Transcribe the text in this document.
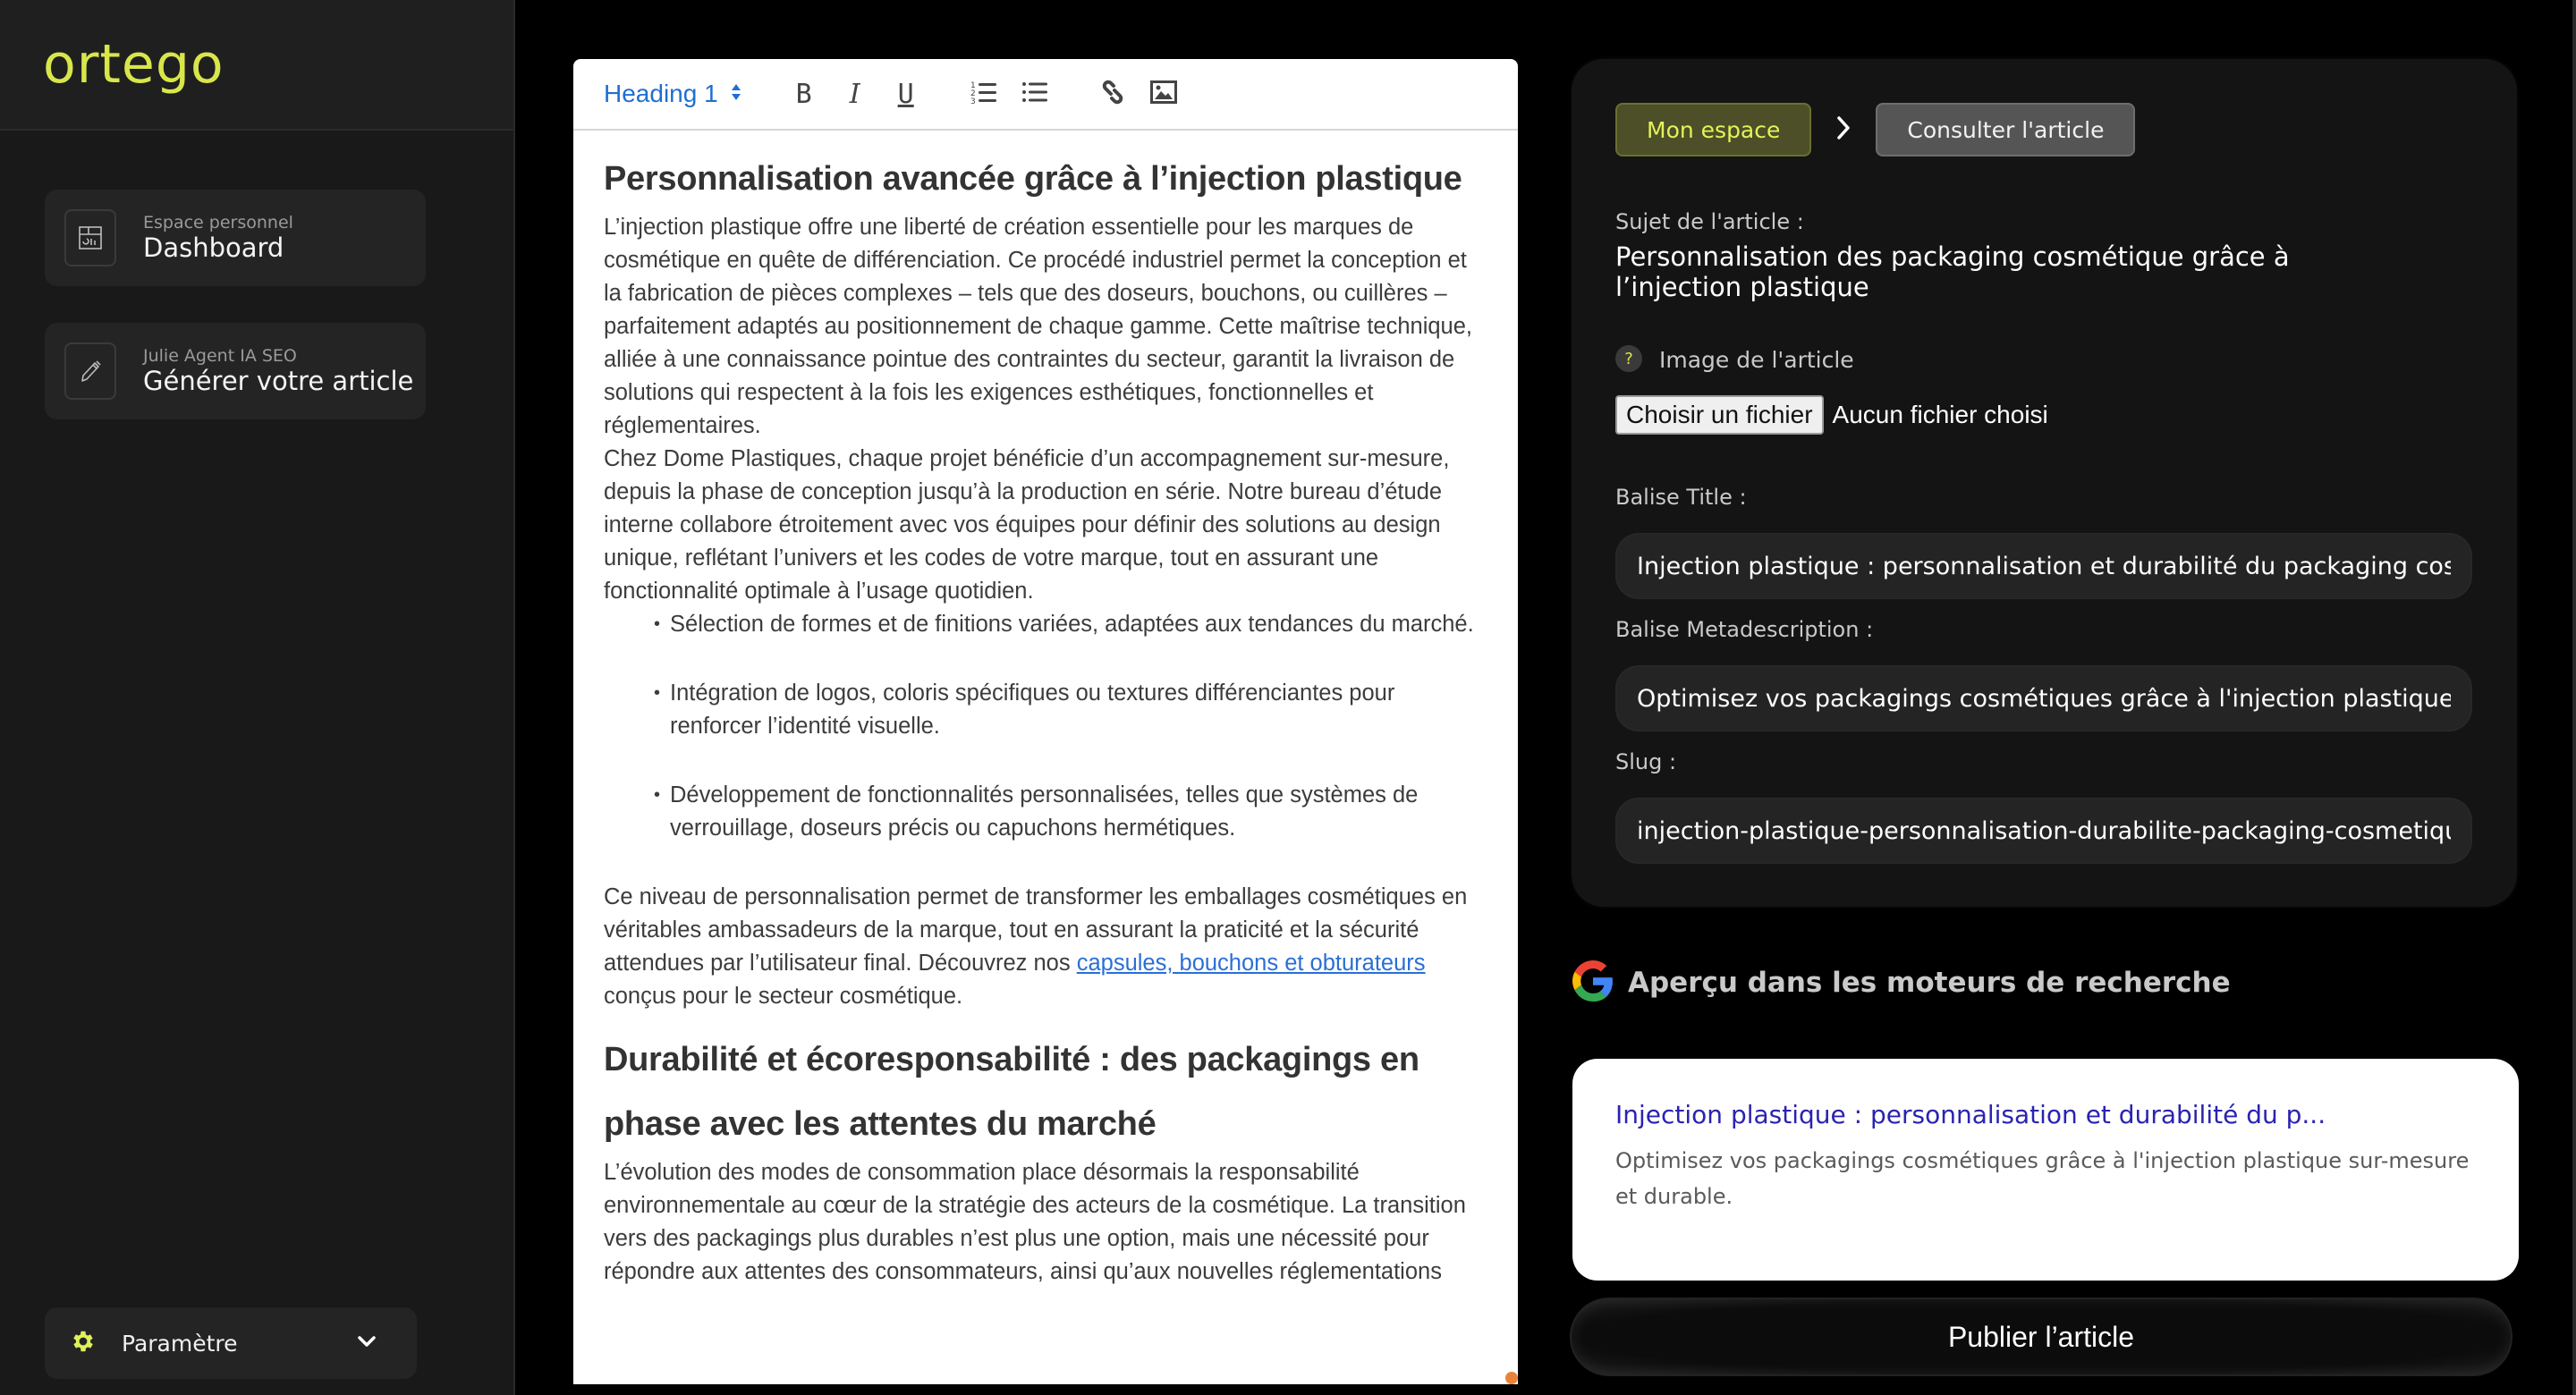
ortego
Espace personnel
Dashboard
Julie Agent IA SEO
Générer votre article
Paramètre
Heading 1	B I U	1
2
3
Personnalisation avancée grâce à l’injection plastique

L’injection plastique offre une liberté de création essentielle pour les marques de cosmétique en quête de différenciation. Ce procédé industriel permet la conception et la fabrication de pièces complexes – tels que des doseurs, bouchons, ou cuillères – parfaitement adaptés au positionnement de chaque gamme. Cette maîtrise technique, alliée à une connaissance pointue des contraintes du secteur, garantit la livraison de solutions qui respectent à la fois les exigences esthétiques, fonctionnelles et réglementaires.

Chez Dome Plastiques, chaque projet bénéficie d’un accompagnement sur-mesure, depuis la phase de conception jusqu’à la production en série. Notre bureau d’étude interne collabore étroitement avec vos équipes pour définir des solutions au design unique, reflétant l’univers et les codes de votre marque, tout en assurant une fonctionnalité optimale à l’usage quotidien.

• Sélection de formes et de finitions variées, adaptées aux tendances du marché.
• Intégration de logos, coloris spécifiques ou textures différenciantes pour renforcer l’identité visuelle.
• Développement de fonctionnalités personnalisées, telles que systèmes de verrouillage, doseurs précis ou capuchons hermétiques.

Ce niveau de personnalisation permet de transformer les emballages cosmétiques en véritables ambassadeurs de la marque, tout en assurant la praticité et la sécurité attendues par l’utilisateur final. Découvrez nos capsules, bouchons et obturateurs conçus pour le secteur cosmétique.

Durabilité et écoresponsabilité : des packagings en phase avec les attentes du marché

L’évolution des modes de consommation place désormais la responsabilité environnementale au cœur de la stratégie des acteurs de la cosmétique. La transition vers des packagings plus durables n’est plus une option, mais une nécessité pour répondre aux attentes des consommateurs, ainsi qu’aux nouvelles réglementations

Mon espace	Consulter l'article
Sujet de l'article :
Personnalisation des packaging cosmétique grâce à l’injection plastique
?	Image de l'article
Choisir un fichier Aucun fichier choisi
Balise Title :
Injection plastique : personnalisation et durabilité du packaging cosmétique
Balise Metadescription :
Optimisez vos packagings cosmétiques grâce à l'injection plastique sur-mesure et durable.
Slug :
injection-plastique-personnalisation-durabilite-packaging-cosmetique
Aperçu dans les moteurs de recherche
Injection plastique : personnalisation et durabilité du p...
Optimisez vos packagings cosmétiques grâce à l'injection plastique sur-mesure et durable.
Publier l’article
